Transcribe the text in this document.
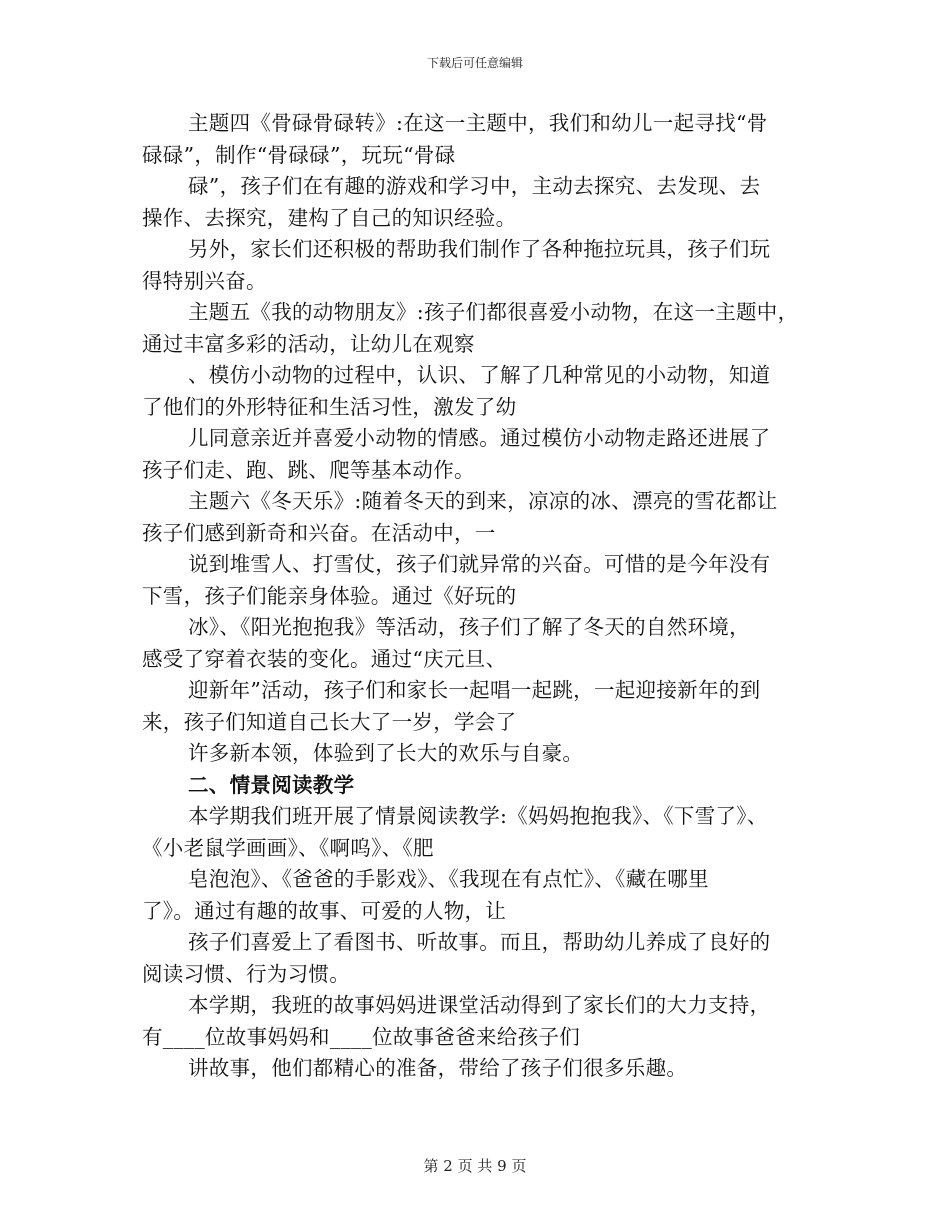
下载后可任意编辑
主题四《骨碌骨碌转》:在这一主题中，我们和幼儿一起寻找“骨
碌碌”，制作“骨碌碌”，玩玩“骨碌
碌”，孩子们在有趣的游戏和学习中，主动去探究、去发现、去
操作、去探究，建构了自己的知识经验。
另外，家长们还积极的帮助我们制作了各种拖拉玩具，孩子们玩
得特别兴奋。
主题五《我的动物朋友》:孩子们都很喜爱小动物，在这一主题中，
通过丰富多彩的活动，让幼儿在观察
、模仿小动物的过程中，认识、了解了几种常见的小动物，知道
了他们的外形特征和生活习性，激发了幼
儿同意亲近并喜爱小动物的情感。通过模仿小动物走路还进展了
孩子们走、跑、跳、爬等基本动作。
主题六《冬天乐》:随着冬天的到来，凉凉的冰、漂亮的雪花都让
孩子们感到新奇和兴奋。在活动中，一
说到堆雪人、打雪仗，孩子们就异常的兴奋。可惜的是今年没有
下雪，孩子们能亲身体验。通过《好玩的
冰》、《阳光抱抱我》等活动，孩子们了解了冬天的自然环境，
感受了穿着衣装的变化。通过“庆元旦、
迎新年”活动，孩子们和家长一起唱一起跳，一起迎接新年的到
来，孩子们知道自己长大了一岁，学会了
许多新本领，体验到了长大的欢乐与自豪。
二、情景阅读教学
本学期我们班开展了情景阅读教学:《妈妈抱抱我》、《下雪了》、
《小老鼠学画画》、《啊呜》、《肥
皂泡泡》、《爸爸的手影戏》、《我现在有点忙》、《藏在哪里
了》。通过有趣的故事、可爱的人物，让
孩子们喜爱上了看图书、听故事。而且，帮助幼儿养成了良好的
阅读习惯、行为习惯。
本学期，我班的故事妈妈进课堂活动得到了家长们的大力支持，
有____位故事妈妈和____位故事爸爸来给孩子们
讲故事，他们都精心的准备，带给了孩子们很多乐趣。
第 2 页 共 9 页
